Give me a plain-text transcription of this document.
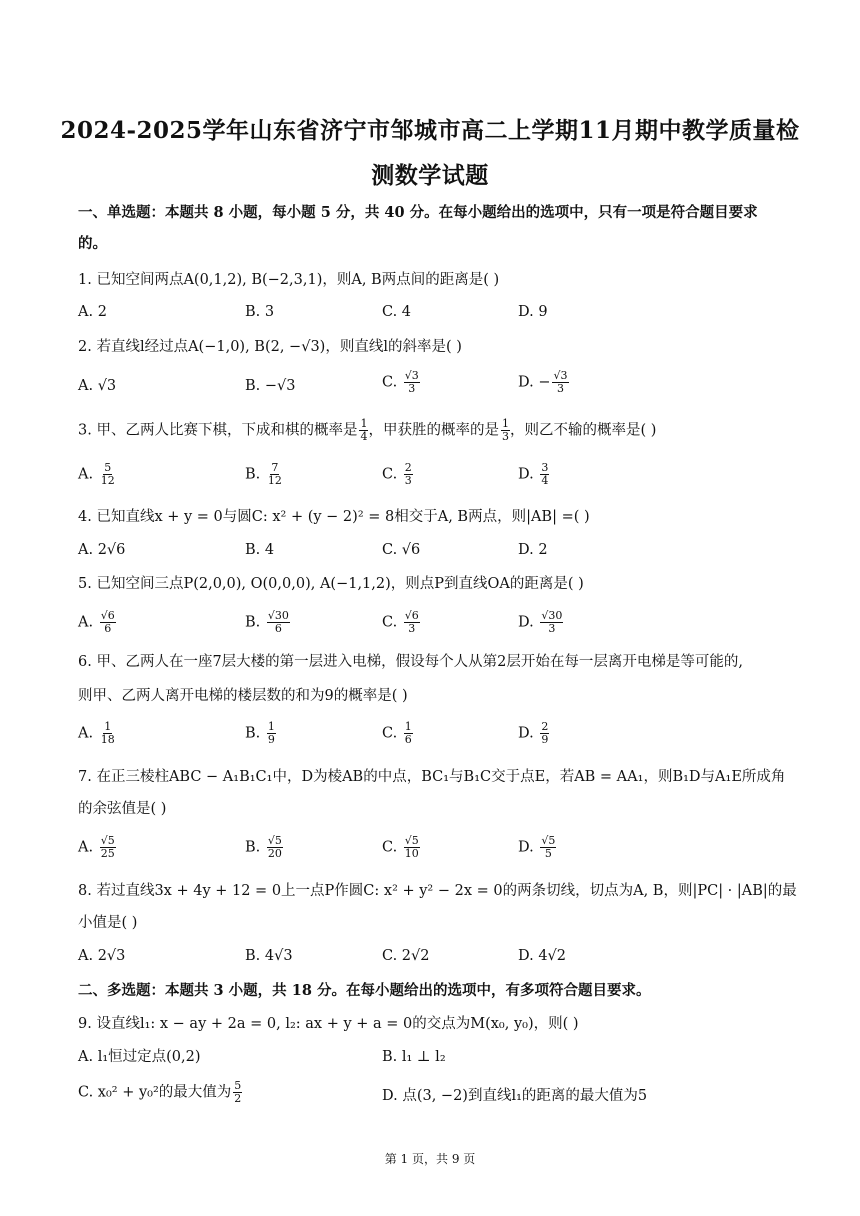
2024-2025学年山东省济宁市邹城市高二上学期11月期中教学质量检
测数学试题
一、单选题：本题共 8 小题，每小题 5 分，共 40 分。在每小题给出的选项中，只有一项是符合题目要求
的。
1. 已知空间两点A(0,1,2), B(−2,3,1)，则A, B两点间的距离是( )
A. 2	B. 3	C. 4	D. 9
2. 若直线l经过点A(−1,0), B(2, −√3)，则直线l的斜率是( )
A. √3	B. −√3	C. $\frac{√3}{3}$	D. − $\frac{√3}{3}$
3. 甲、乙两人比赛下棋，下成和棋的概率是 $\frac{1}{4}$ ，甲获胜的概率的是 $\frac{1}{3}$ ，则乙不输的概率是( )
A. $\frac{5}{12}$	B. $\frac{7}{12}$	C. $\frac{2}{3}$	D. $\frac{3}{4}$
4. 已知直线x + y = 0与圆C: x² + (y − 2)² = 8相交于A, B两点，则|AB| =( )
A. 2√6	B. 4	C. √6	D. 2
5. 已知空间三点P(2,0,0), O(0,0,0), A(−1,1,2)，则点P到直线OA的距离是( )
A. $\frac{√6}{6}$	B. $\frac{√30}{6}$	C. $\frac{√6}{3}$	D. $\frac{√30}{3}$
6. 甲、乙两人在一座7层大楼的第一层进入电梯，假设每个人从第2层开始在每一层离开电梯是等可能的,
则甲、乙两人离开电梯的楼层数的和为9的概率是( )
A. $\frac{1}{18}$	B. $\frac{1}{9}$	C. $\frac{1}{6}$	D. $\frac{2}{9}$
7. 在正三棱柱ABC − A₁B₁C₁中，D为棱AB的中点，BC₁与B₁C交于点E，若AB = AA₁，则B₁D与A₁E所成角
的余弦值是( )
A. $\frac{√5}{25}$	B. $\frac{√5}{20}$	C. $\frac{√5}{10}$	D. $\frac{√5}{5}$
8. 若过直线3x + 4y + 12 = 0上一点P作圆C: x² + y² − 2x = 0的两条切线，切点为A, B，则|PC| · |AB|的最
小值是( )
A. 2√3	B. 4√3	C. 2√2	D. 4√2
二、多选题：本题共 3 小题，共 18 分。在每小题给出的选项中，有多项符合题目要求。
9. 设直线l₁: x − ay + 2a = 0, l₂: ax + y + a = 0的交点为M(x₀, y₀)，则( )
A. l₁恒过定点(0,2)	B. l₁ ⊥ l₂
C. x₀² + y₀²的最大值为 $\frac{5}{2}$	D. 点(3, −2)到直线l₁的距离的最大值为5
第 1 页，共 9 页
